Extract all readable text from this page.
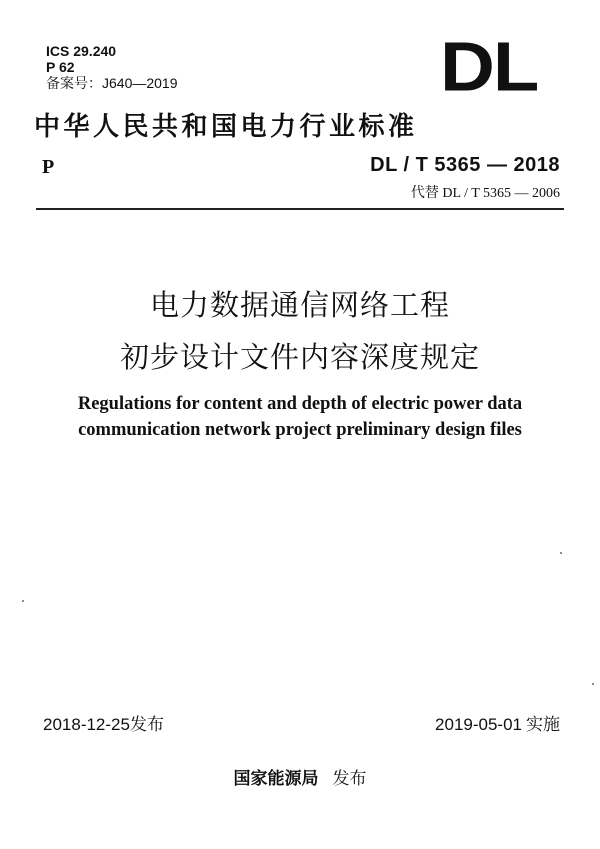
ICS 29.240
P 62
备案号：J640—2019	DL
中华人民共和国电力行业标准
P	DL / T 5365 — 2018
代替 DL / T 5365 — 2006
电力数据通信网络工程
初步设计文件内容深度规定
Regulations for content and depth of electric power data
communication network project preliminary design files
2018-12-25发布	2019-05-01 实施
国家能源局 发布
